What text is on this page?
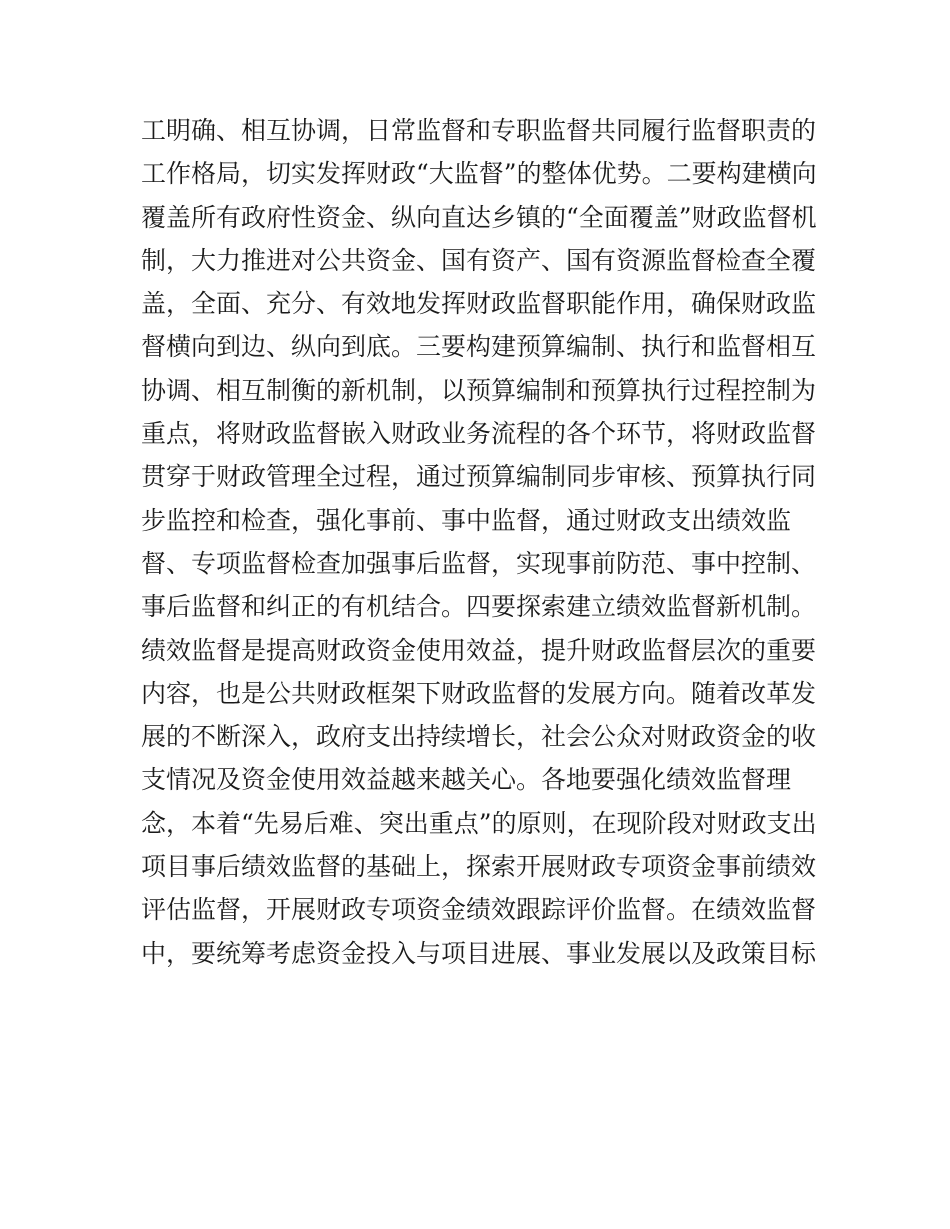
工明确、相互协调，日常监督和专职监督共同履行监督职责的
工作格局，切实发挥财政“大监督”的整体优势。二要构建横向
覆盖所有政府性资金、纵向直达乡镇的“全面覆盖”财政监督机
制，大力推进对公共资金、国有资产、国有资源监督检查全覆
盖，全面、充分、有效地发挥财政监督职能作用，确保财政监
督横向到边、纵向到底。三要构建预算编制、执行和监督相互
协调、相互制衡的新机制，以预算编制和预算执行过程控制为
重点，将财政监督嵌入财政业务流程的各个环节，将财政监督
贯穿于财政管理全过程，通过预算编制同步审核、预算执行同
步监控和检查，强化事前、事中监督，通过财政支出绩效监
督、专项监督检查加强事后监督，实现事前防范、事中控制、
事后监督和纠正的有机结合。四要探索建立绩效监督新机制。
绩效监督是提高财政资金使用效益，提升财政监督层次的重要
内容，也是公共财政框架下财政监督的发展方向。随着改革发
展的不断深入，政府支出持续增长，社会公众对财政资金的收
支情况及资金使用效益越来越关心。各地要强化绩效监督理
念，本着“先易后难、突出重点”的原则，在现阶段对财政支出
项目事后绩效监督的基础上，探索开展财政专项资金事前绩效
评估监督，开展财政专项资金绩效跟踪评价监督。在绩效监督
中，要统筹考虑资金投入与项目进展、事业发展以及政策目标
